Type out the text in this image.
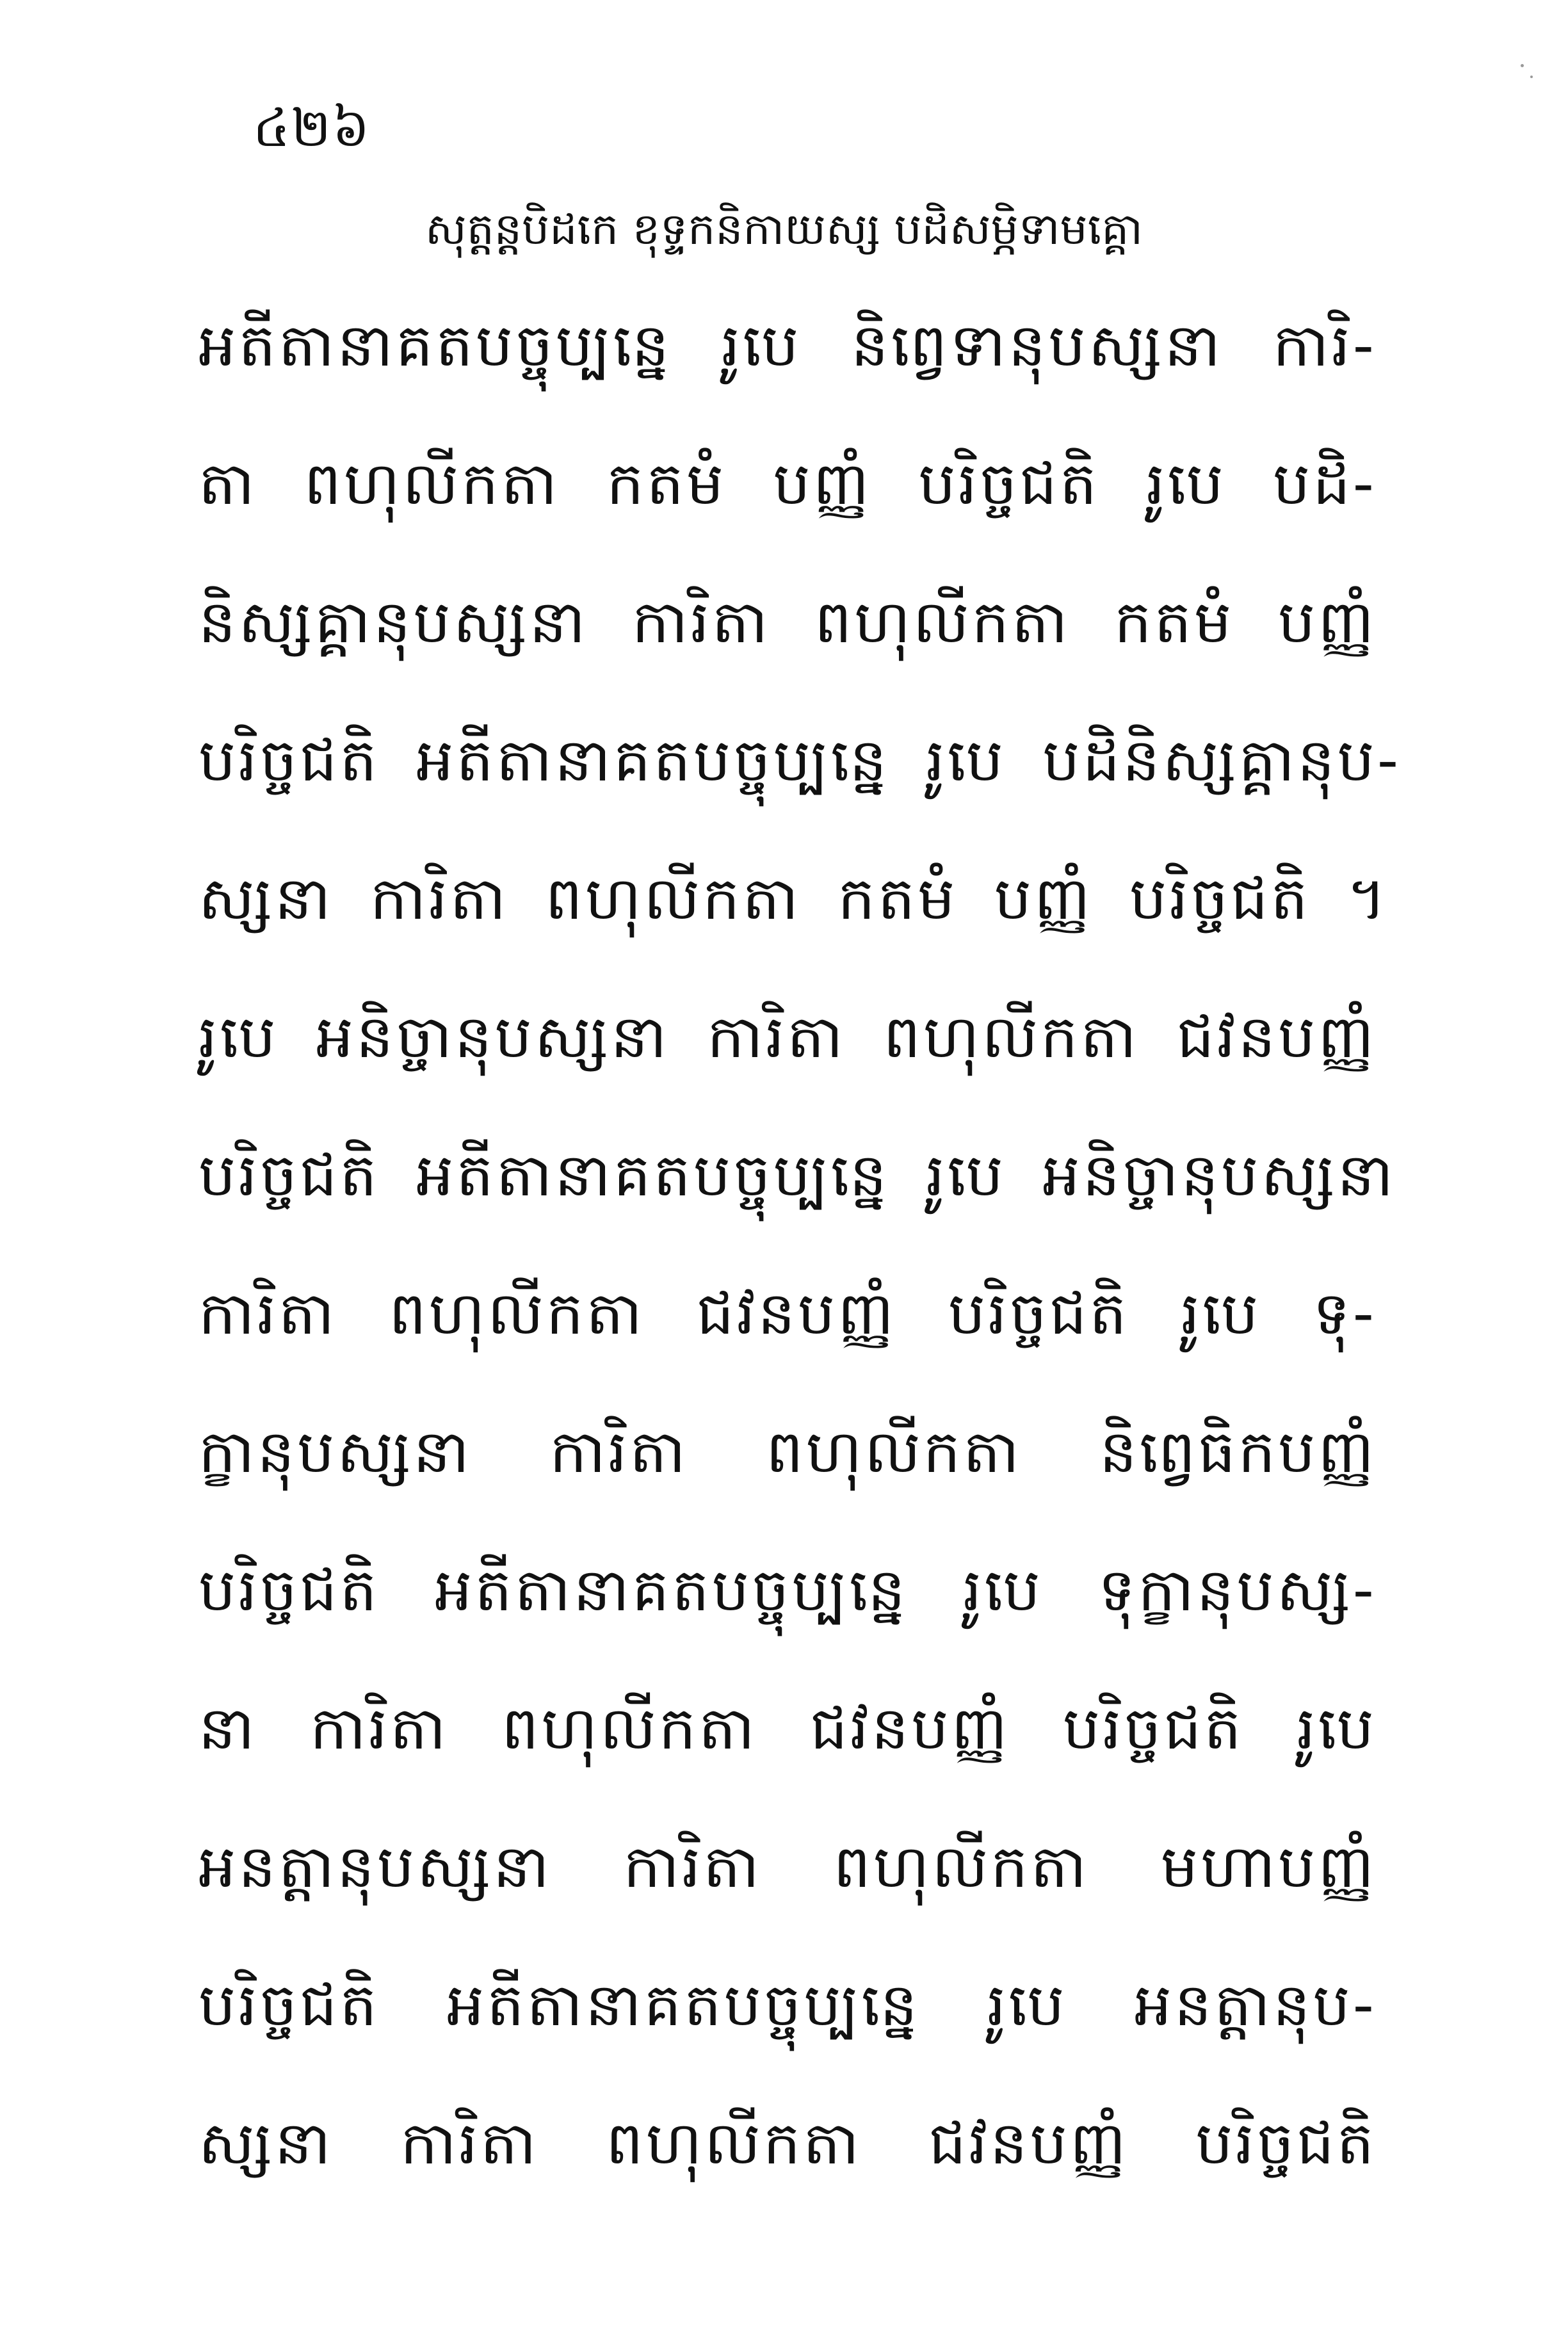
៤២៦
សុត្តន្តបិដកេ ខុទ្ទកនិកាយស្ស បដិសម្ភិទាមគ្គោ
អតីតានាគតបច្ចុប្បន្នេ រូបេ និព្វេទានុបស្សនា ការិ-
តា ពហុលីកតា កតមំ បញ្ញំ បរិច្ចជតិ រូបេ បដិ-
និស្សគ្គានុបស្សនា ការិតា ពហុលីកតា កតមំ បញ្ញំ
បរិច្ចជតិ អតីតានាគតបច្ចុប្បន្នេ រូបេ បដិនិស្សគ្គានុប-
ស្សនា ការិតា ពហុលីកតា កតមំ បញ្ញំ បរិច្ចជតិ ។
រូបេ អនិច្ចានុបស្សនា ការិតា ពហុលីកតា ជវនបញ្ញំ
បរិច្ចជតិ អតីតានាគតបច្ចុប្បន្នេ រូបេ អនិច្ចានុបស្សនា
ការិតា ពហុលីកតា ជវនបញ្ញំ បរិច្ចជតិ រូបេ ទុ-
ក្ខានុបស្សនា ការិតា ពហុលីកតា និព្វេធិកបញ្ញំ
បរិច្ចជតិ អតីតានាគតបច្ចុប្បន្នេ រូបេ ទុក្ខានុបស្ស-
នា ការិតា ពហុលីកតា ជវនបញ្ញំ បរិច្ចជតិ រូបេ
អនត្តានុបស្សនា ការិតា ពហុលីកតា មហាបញ្ញំ
បរិច្ចជតិ អតីតានាគតបច្ចុប្បន្នេ រូបេ អនត្តានុប-
ស្សនា ការិតា ពហុលីកតា ជវនបញ្ញំ បរិច្ចជតិ
